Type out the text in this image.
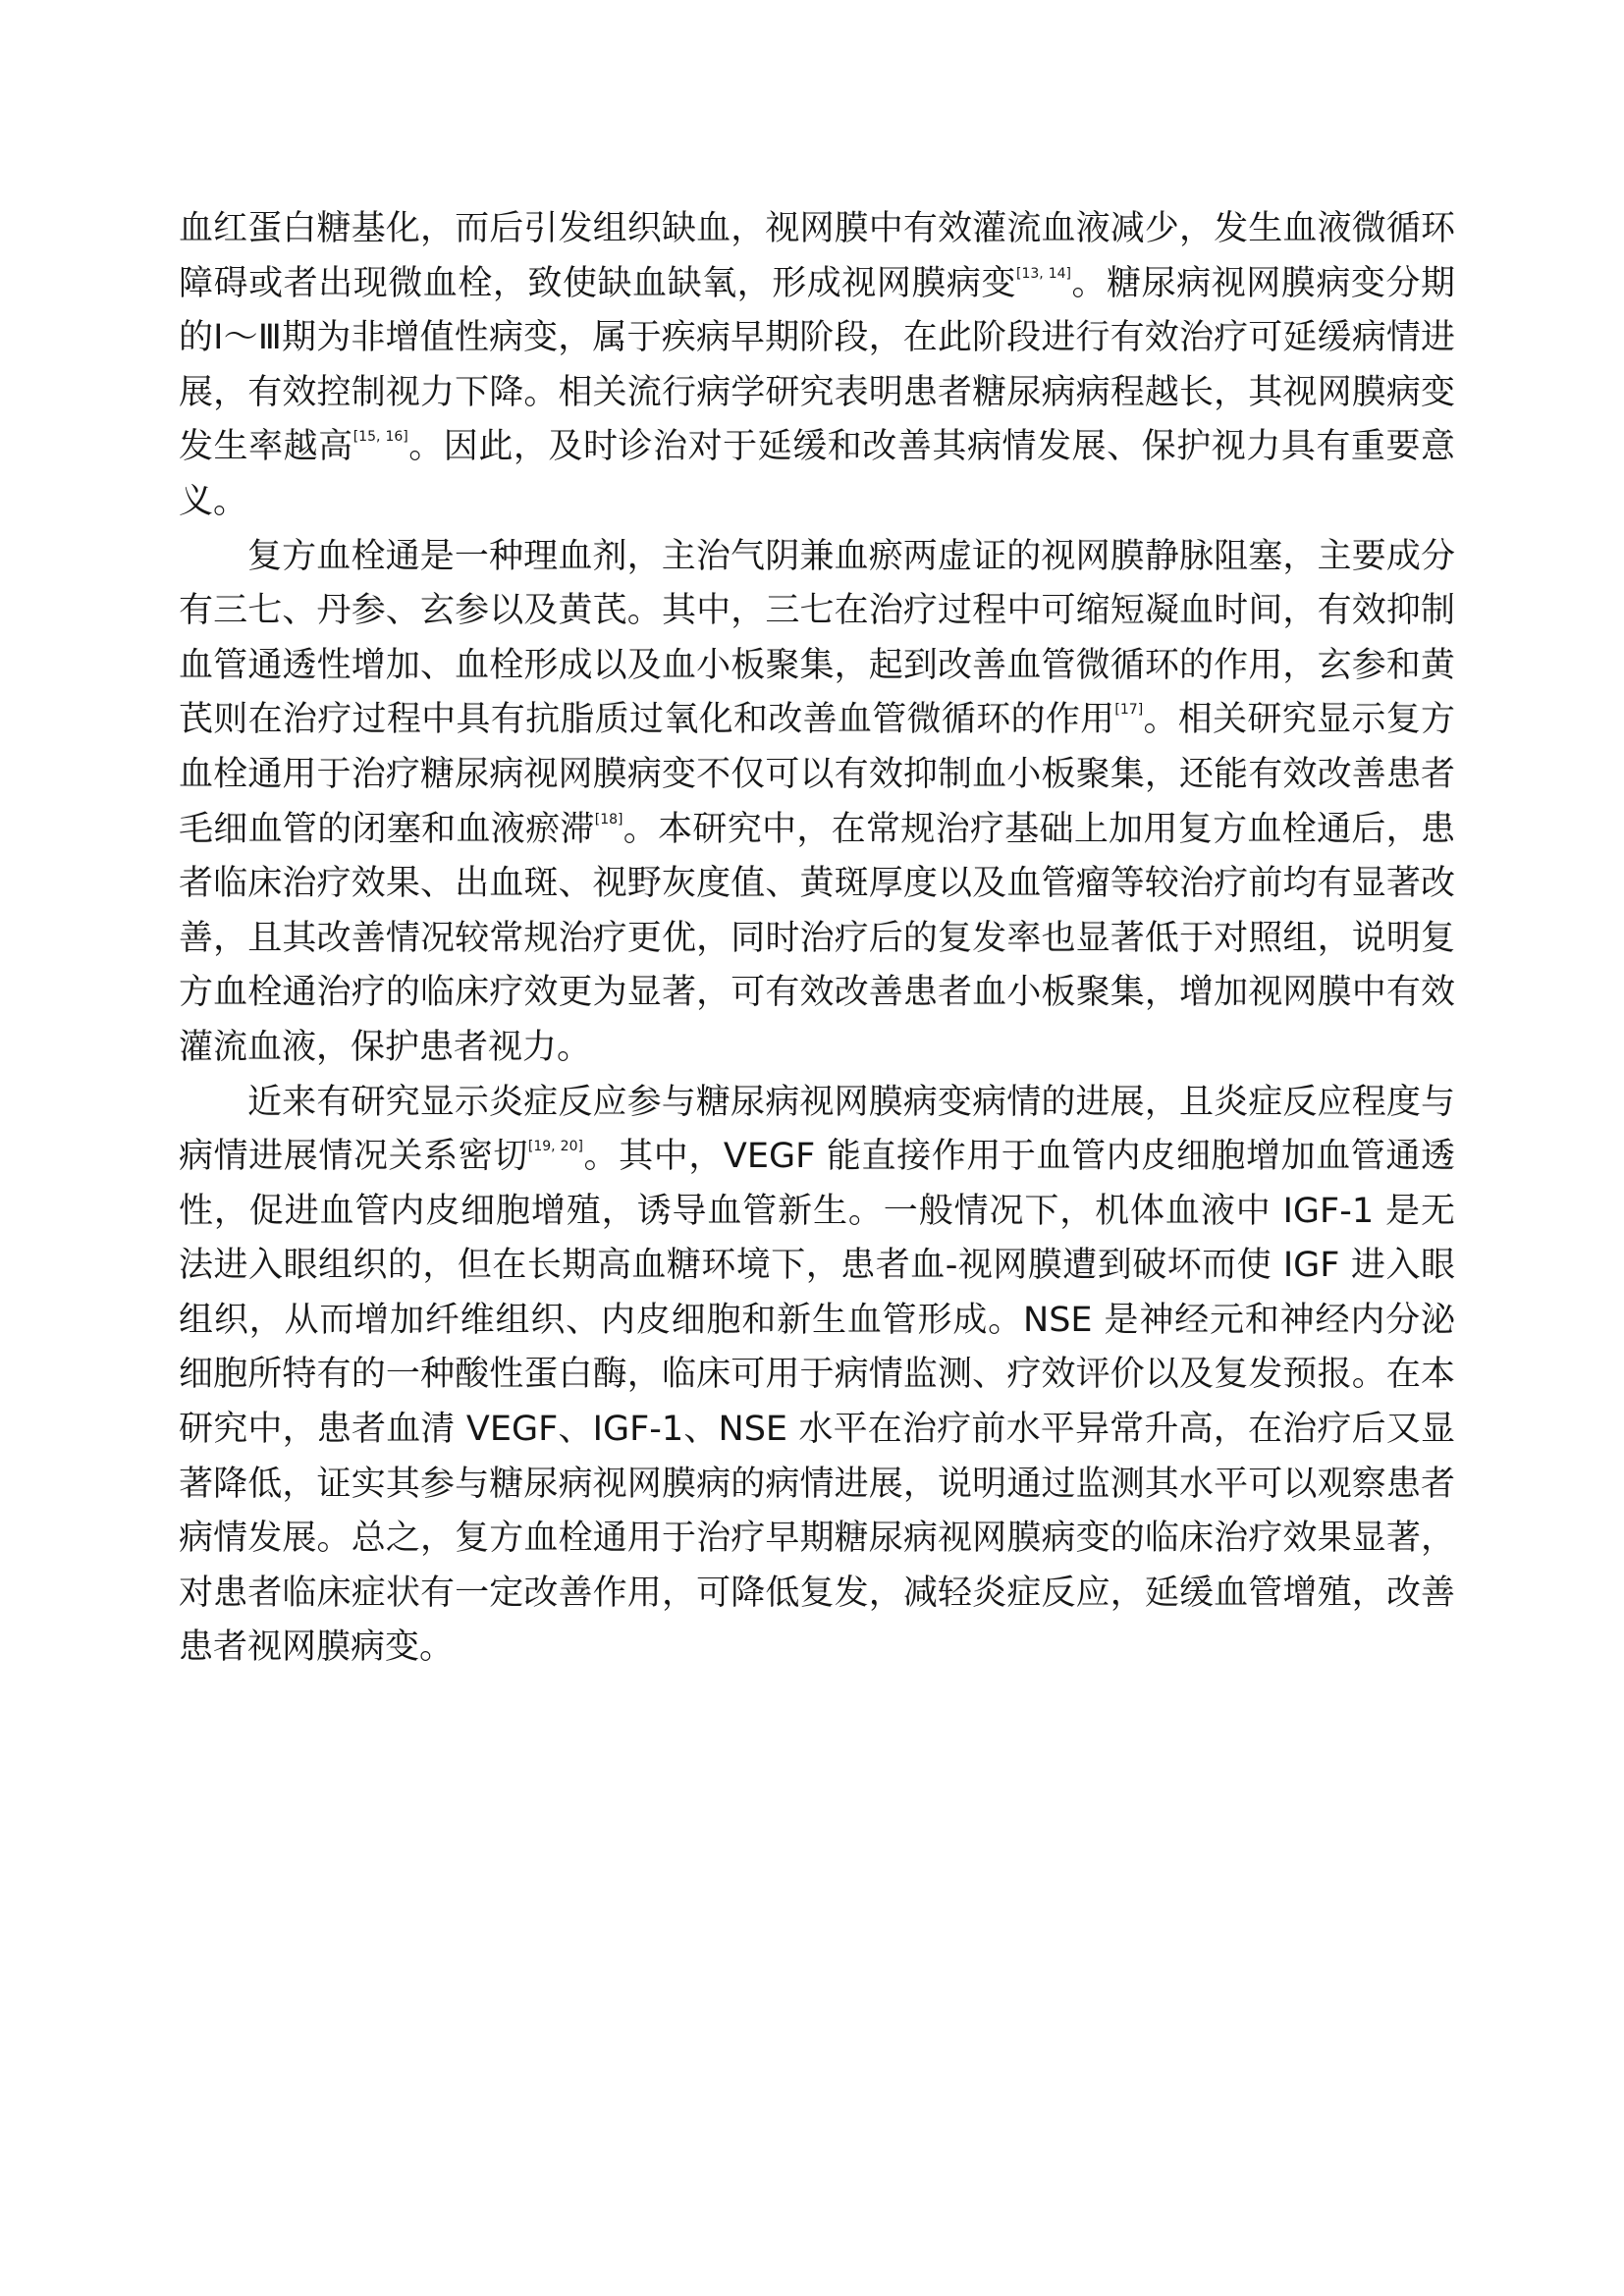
血红蛋白糖基化，而后引发组织缺血，视网膜中有效灌流血液减少，发生血液微循环障碍或者出现微血栓，致使缺血缺氧，形成视网膜病变[13, 14]。糖尿病视网膜病变分期的Ⅰ～Ⅲ期为非增值性病变，属于疾病早期阶段，在此阶段进行有效治疗可延缓病情进展，有效控制视力下降。相关流行病学研究表明患者糖尿病病程越长，其视网膜病变发生率越高[15, 16]。因此，及时诊治对于延缓和改善其病情发展、保护视力具有重要意义。

复方血栓通是一种理血剂，主治气阴兼血瘀两虚证的视网膜静脉阻塞，主要成分有三七、丹参、玄参以及黄芪。其中，三七在治疗过程中可缩短凝血时间，有效抑制血管通透性增加、血栓形成以及血小板聚集，起到改善血管微循环的作用，玄参和黄芪则在治疗过程中具有抗脂质过氧化和改善血管微循环的作用[17]。相关研究显示复方血栓通用于治疗糖尿病视网膜病变不仅可以有效抑制血小板聚集，还能有效改善患者毛细血管的闭塞和血液瘀滞[18]。本研究中，在常规治疗基础上加用复方血栓通后，患者临床治疗效果、出血斑、视野灰度值、黄斑厚度以及血管瘤等较治疗前均有显著改善，且其改善情况较常规治疗更优，同时治疗后的复发率也显著低于对照组，说明复方血栓通治疗的临床疗效更为显著，可有效改善患者血小板聚集，增加视网膜中有效灌流血液，保护患者视力。

近来有研究显示炎症反应参与糖尿病视网膜病变病情的进展，且炎症反应程度与病情进展情况关系密切[19, 20]。其中，VEGF 能直接作用于血管内皮细胞增加血管通透性，促进血管内皮细胞增殖，诱导血管新生。一般情况下，机体血液中 IGF-1 是无法进入眼组织的，但在长期高血糖环境下，患者血-视网膜遭到破坏而使 IGF 进入眼组织，从而增加纤维组织、内皮细胞和新生血管形成。NSE 是神经元和神经内分泌细胞所特有的一种酸性蛋白酶，临床可用于病情监测、疗效评价以及复发预报。在本研究中，患者血清 VEGF、IGF-1、NSE 水平在治疗前水平异常升高，在治疗后又显著降低，证实其参与糖尿病视网膜病的病情进展，说明通过监测其水平可以观察患者病情发展。总之，复方血栓通用于治疗早期糖尿病视网膜病变的临床治疗效果显著，对患者临床症状有一定改善作用，可降低复发，减轻炎症反应，延缓血管增殖，改善患者视网膜病变。
